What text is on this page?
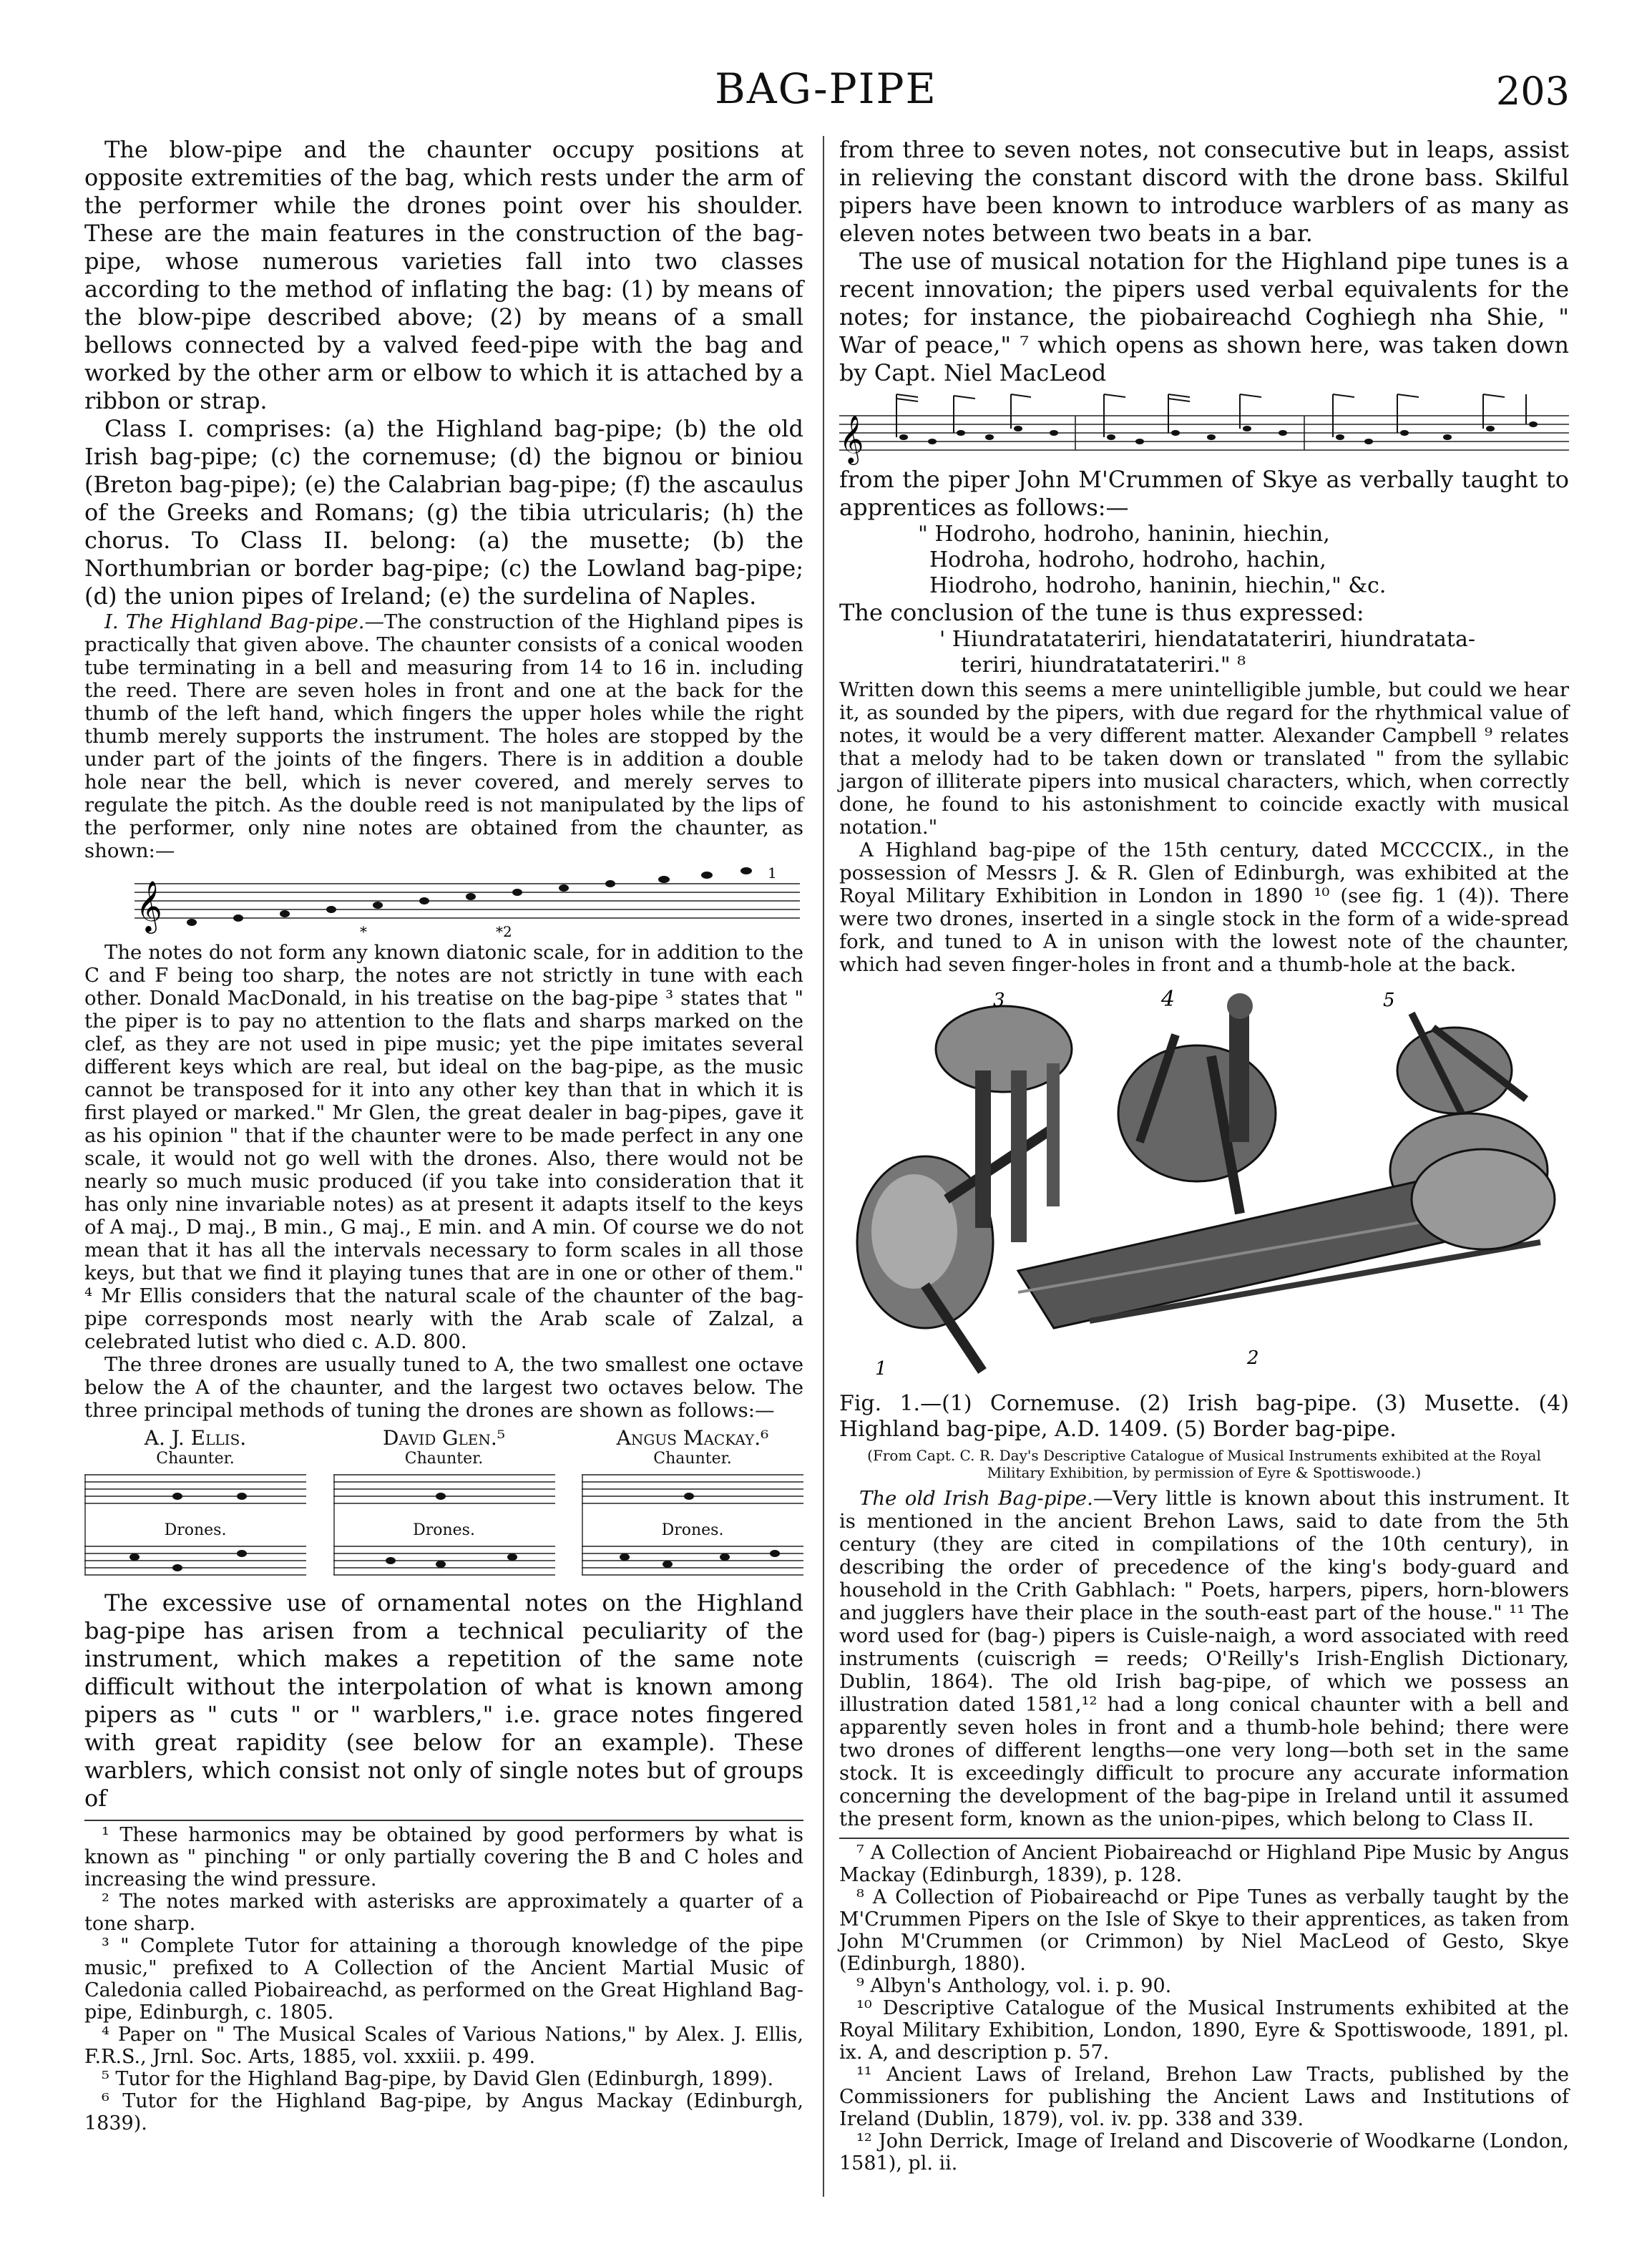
BAG-PIPE	203

The blow-pipe and the chaunter occupy positions at opposite extremities of the bag, which rests under the arm of the performer while the drones point over his shoulder. These are the main features in the construction of the bag-pipe, whose numerous varieties fall into two classes according to the method of inflating the bag: (1) by means of the blow-pipe described above; (2) by means of a small bellows connected by a valved feed-pipe with the bag and worked by the other arm or elbow to which it is attached by a ribbon or strap.

Class I. comprises: (a) the Highland bag-pipe; (b) the old Irish bag-pipe; (c) the cornemuse; (d) the bignou or biniou (Breton bag-pipe); (e) the Calabrian bag-pipe; (f) the ascaulus of the Greeks and Romans; (g) the tibia utricularis; (h) the chorus. To Class II. belong: (a) the musette; (b) the Northumbrian or border bag-pipe; (c) the Lowland bag-pipe; (d) the union pipes of Ireland; (e) the surdelina of Naples.

I. The Highland Bag-pipe.—The construction of the Highland pipes is practically that given above. The chaunter consists of a conical wooden tube terminating in a bell and measuring from 14 to 16 in. including the reed. There are seven holes in front and one at the back for the thumb of the left hand, which fingers the upper holes while the right thumb merely supports the instrument. The holes are stopped by the under part of the joints of the fingers. There is in addition a double hole near the bell, which is never covered, and merely serves to regulate the pitch. As the double reed is not manipulated by the lips of the performer, only nine notes are obtained from the chaunter, as shown:—

𝄞	*	*2
1

The notes do not form any known diatonic scale, for in addition to the C and F being too sharp, the notes are not strictly in tune with each other. Donald MacDonald, in his treatise on the bag-pipe ³ states that " the piper is to pay no attention to the flats and sharps marked on the clef, as they are not used in pipe music; yet the pipe imitates several different keys which are real, but ideal on the bag-pipe, as the music cannot be transposed for it into any other key than that in which it is first played or marked." Mr Glen, the great dealer in bag-pipes, gave it as his opinion " that if the chaunter were to be made perfect in any one scale, it would not go well with the drones. Also, there would not be nearly so much music produced (if you take into consideration that it has only nine invariable notes) as at present it adapts itself to the keys of A maj., D maj., B min., G maj., E min. and A min. Of course we do not mean that it has all the intervals necessary to form scales in all those keys, but that we find it playing tunes that are in one or other of them." ⁴ Mr Ellis considers that the natural scale of the chaunter of the bag-pipe corresponds most nearly with the Arab scale of Zalzal, a celebrated lutist who died c. A.D. 800.

The three drones are usually tuned to A, the two smallest one octave below the A of the chaunter, and the largest two octaves below. The three principal methods of tuning the drones are shown as follows:—

A. J. Ellis.
Chaunter.
Drones.
David Glen.⁵
Chaunter.
Drones.
Angus Mackay.⁶
Chaunter.
Drones.

The excessive use of ornamental notes on the Highland bag-pipe has arisen from a technical peculiarity of the instrument, which makes a repetition of the same note difficult without the interpolation of what is known among pipers as " cuts " or " warblers," i.e. grace notes fingered with great rapidity (see below for an example). These warblers, which consist not only of single notes but of groups of

¹ These harmonics may be obtained by good performers by what is known as " pinching " or only partially covering the B and C holes and increasing the wind pressure.

² The notes marked with asterisks are approximately a quarter of a tone sharp.

³ " Complete Tutor for attaining a thorough knowledge of the pipe music," prefixed to A Collection of the Ancient Martial Music of Caledonia called Piobaireachd, as performed on the Great Highland Bag-pipe, Edinburgh, c. 1805.

⁴ Paper on " The Musical Scales of Various Nations," by Alex. J. Ellis, F.R.S., Jrnl. Soc. Arts, 1885, vol. xxxiii. p. 499.

⁵ Tutor for the Highland Bag-pipe, by David Glen (Edinburgh, 1899).

⁶ Tutor for the Highland Bag-pipe, by Angus Mackay (Edinburgh, 1839).

from three to seven notes, not consecutive but in leaps, assist in relieving the constant discord with the drone bass. Skilful pipers have been known to introduce warblers of as many as eleven notes between two beats in a bar.

The use of musical notation for the Highland pipe tunes is a recent innovation; the pipers used verbal equivalents for the notes; for instance, the piobaireachd Coghiegh nha Shie, " War of peace," ⁷ which opens as shown here, was taken down by Capt. Niel MacLeod

𝄞

from the piper John M'Crummen of Skye as verbally taught to apprentices as follows:—

" Hodroho, hodroho, haninin, hiechin,
Hodroha, hodroho, hodroho, hachin,
Hiodroho, hodroho, haninin, hiechin," &c.

The conclusion of the tune is thus expressed:

' Hiundratatateriri, hiendatatateriri, hiundratata-
teriri, hiundratatateriri." ⁸

Written down this seems a mere unintelligible jumble, but could we hear it, as sounded by the pipers, with due regard for the rhythmical value of notes, it would be a very different matter. Alexander Campbell ⁹ relates that a melody had to be taken down or translated " from the syllabic jargon of illiterate pipers into musical characters, which, when correctly done, he found to his astonishment to coincide exactly with musical notation."

A Highland bag-pipe of the 15th century, dated MCCCCIX., in the possession of Messrs J. & R. Glen of Edinburgh, was exhibited at the Royal Military Exhibition in London in 1890 ¹⁰ (see fig. 1 (4)). There were two drones, inserted in a single stock in the form of a wide-spread fork, and tuned to A in unison with the lowest note of the chaunter, which had seven finger-holes in front and a thumb-hole at the back.

3	4	5
1	2

Fig. 1.—(1) Cornemuse. (2) Irish bag-pipe. (3) Musette. (4) Highland bag-pipe, A.D. 1409. (5) Border bag-pipe.

(From Capt. C. R. Day's Descriptive Catalogue of Musical Instruments exhibited at the Royal Military Exhibition, by permission of Eyre & Spottiswoode.)

The old Irish Bag-pipe.—Very little is known about this instrument. It is mentioned in the ancient Brehon Laws, said to date from the 5th century (they are cited in compilations of the 10th century), in describing the order of precedence of the king's body-guard and household in the Crith Gabhlach: " Poets, harpers, pipers, horn-blowers and jugglers have their place in the south-east part of the house." ¹¹ The word used for (bag-) pipers is Cuisle-naigh, a word associated with reed instruments (cuiscrigh = reeds; O'Reilly's Irish-English Dictionary, Dublin, 1864). The old Irish bag-pipe, of which we possess an illustration dated 1581,¹² had a long conical chaunter with a bell and apparently seven holes in front and a thumb-hole behind; there were two drones of different lengths—one very long—both set in the same stock. It is exceedingly difficult to procure any accurate information concerning the development of the bag-pipe in Ireland until it assumed the present form, known as the union-pipes, which belong to Class II.

⁷ A Collection of Ancient Piobaireachd or Highland Pipe Music by Angus Mackay (Edinburgh, 1839), p. 128.

⁸ A Collection of Piobaireachd or Pipe Tunes as verbally taught by the M'Crummen Pipers on the Isle of Skye to their apprentices, as taken from John M'Crummen (or Crimmon) by Niel MacLeod of Gesto, Skye (Edinburgh, 1880).

⁹ Albyn's Anthology, vol. i. p. 90.

¹⁰ Descriptive Catalogue of the Musical Instruments exhibited at the Royal Military Exhibition, London, 1890, Eyre & Spottiswoode, 1891, pl. ix. A, and description p. 57.

¹¹ Ancient Laws of Ireland, Brehon Law Tracts, published by the Commissioners for publishing the Ancient Laws and Institutions of Ireland (Dublin, 1879), vol. iv. pp. 338 and 339.

¹² John Derrick, Image of Ireland and Discoverie of Woodkarne (London, 1581), pl. ii.
